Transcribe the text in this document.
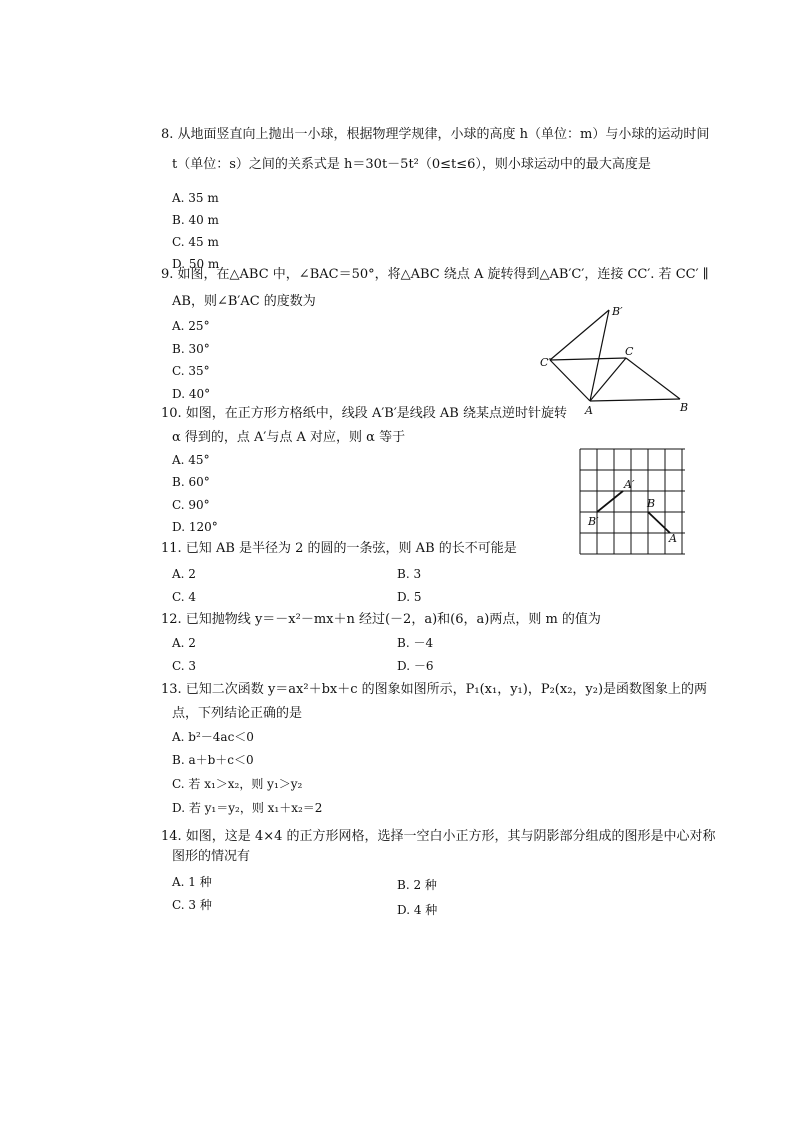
8. 从地面竖直向上抛出一小球，根据物理学规律，小球的高度 h（单位：m）与小球的运动时间
t（单位：s）之间的关系式是 h＝30t－5t²（0≤t≤6），则小球运动中的最大高度是
A. 35 m
B. 40 m
C. 45 m
D. 50 m
9. 如图，在△ABC 中，∠BAC＝50°，将△ABC 绕点 A 旋转得到△AB′C′，连接 CC′. 若 CC′ ∥
AB，则∠B′AC 的度数为
A. 25°
B. 30°
C. 35°
D. 40°
B′
C′
C
A	B
10. 如图，在正方形方格纸中，线段 A′B′是线段 AB 绕某点逆时针旋转
α 得到的，点 A′与点 A 对应，则 α 等于
A. 45°
B. 60°
C. 90°
D. 120°
A′
B
B′
A
11. 已知 AB 是半径为 2 的圆的一条弦，则 AB 的长不可能是
A. 2	B. 3
C. 4	D. 5
12. 已知抛物线 y＝－x²－mx＋n 经过(－2，a)和(6，a)两点，则 m 的值为
A. 2	B. －4
C. 3	D. －6
13. 已知二次函数 y＝ax²＋bx＋c 的图象如图所示，P₁(x₁，y₁)，P₂(x₂，y₂)是函数图象上的两
点，下列结论正确的是
A. b²－4ac＜0
B. a＋b＋c＜0
C. 若 x₁＞x₂，则 y₁＞y₂
D. 若 y₁＝y₂，则 x₁＋x₂＝2
14. 如图，这是 4×4 的正方形网格，选择一空白小正方形，其与阴影部分组成的图形是中心对称
图形的情况有
A. 1 种	B. 2 种
C. 3 种	D. 4 种
